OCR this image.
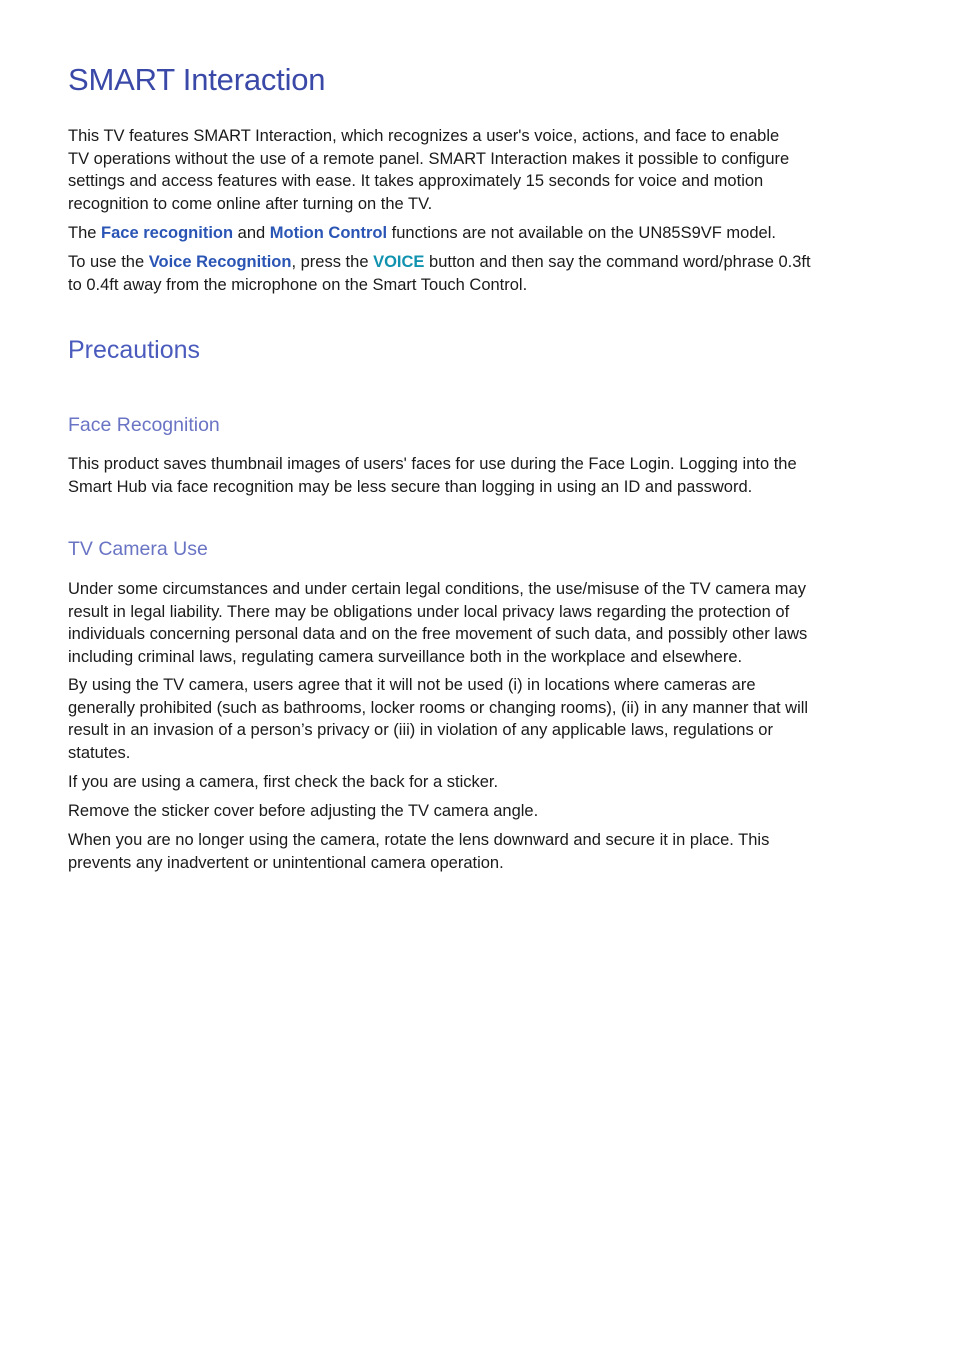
SMART Interaction

This TV features SMART Interaction, which recognizes a user's voice, actions, and face to enable
TV operations without the use of a remote panel. SMART Interaction makes it possible to configure
settings and access features with ease. It takes approximately 15 seconds for voice and motion
recognition to come online after turning on the TV.

The Face recognition and Motion Control functions are not available on the UN85S9VF model.

To use the Voice Recognition, press the VOICE button and then say the command word/phrase 0.3ft
to 0.4ft away from the microphone on the Smart Touch Control.

Precautions
Face Recognition

This product saves thumbnail images of users' faces for use during the Face Login. Logging into the
Smart Hub via face recognition may be less secure than logging in using an ID and password.

TV Camera Use

Under some circumstances and under certain legal conditions, the use/misuse of the TV camera may
result in legal liability. There may be obligations under local privacy laws regarding the protection of
individuals concerning personal data and on the free movement of such data, and possibly other laws
including criminal laws, regulating camera surveillance both in the workplace and elsewhere.

By using the TV camera, users agree that it will not be used (i) in locations where cameras are
generally prohibited (such as bathrooms, locker rooms or changing rooms), (ii) in any manner that will
result in an invasion of a person’s privacy or (iii) in violation of any applicable laws, regulations or
statutes.

If you are using a camera, first check the back for a sticker.

Remove the sticker cover before adjusting the TV camera angle.

When you are no longer using the camera, rotate the lens downward and secure it in place. This
prevents any inadvertent or unintentional camera operation.
